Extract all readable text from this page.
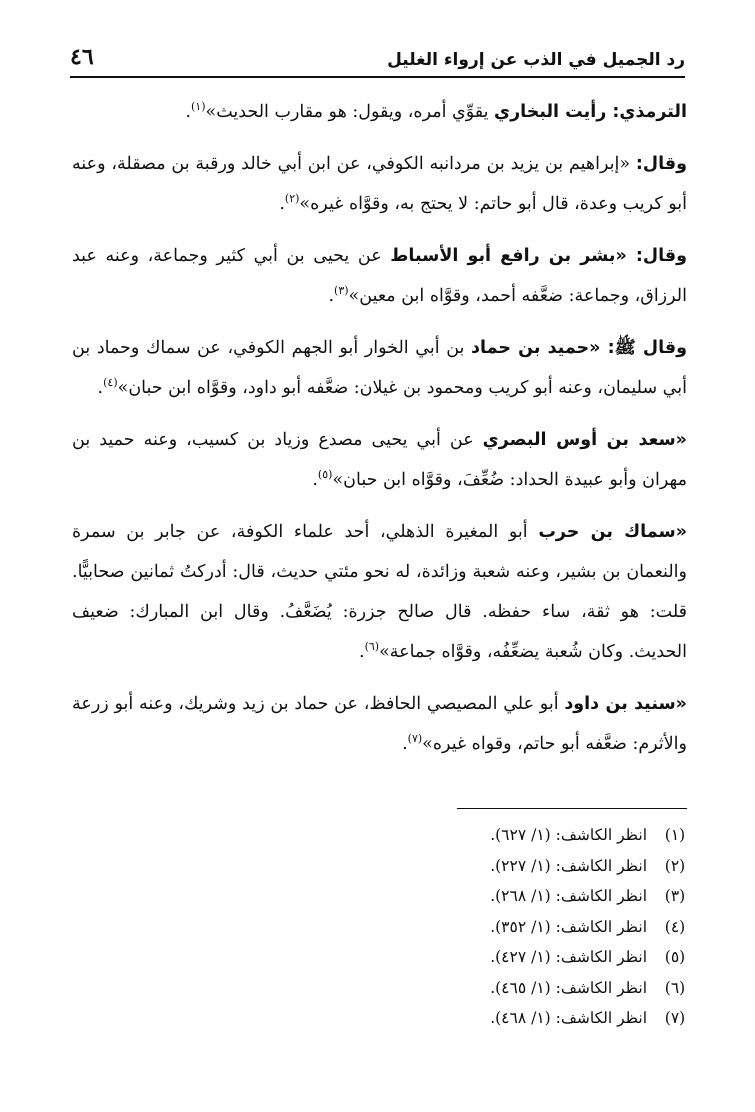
رد الجميل في الذب عن إرواء الغليل
٤٦

الترمذي: رأيت البخاري يقوِّي أمره، ويقول: هو مقارب الحديث»$^{(١)}$.

وقال: «إبراهيم بن يزيد بن مردانبه الكوفي، عن ابن أبي خالد ورقبة بن مصقلة، وعنه أبو كريب وعدة، قال أبو حاتم: لا يحتج به، وقوَّاه غيره»$^{(٢)}$.

وقال: «بشر بن رافع أبو الأسباط عن يحيى بن أبي كثير وجماعة، وعنه عبد الرزاق، وجماعة: ضعَّفه أحمد، وقوَّاه ابن معين»$^{(٣)}$.

وقال ﷺ: «حميد بن حماد بن أبي الخوار أبو الجهم الكوفي، عن سماك وحماد بن أبي سليمان، وعنه أبو كريب ومحمود بن غيلان: ضعَّفه أبو داود، وقوَّاه ابن حبان»$^{(٤)}$.

«سعد بن أوس البصري عن أبي يحيى مصدع وزياد بن كسيب، وعنه حميد بن مهران وأبو عبيدة الحداد: ضُعِّفَ، وقوَّاه ابن حبان»$^{(٥)}$.

«سماك بن حرب أبو المغيرة الذهلي، أحد علماء الكوفة، عن جابر بن سمرة والنعمان بن بشير، وعنه شعبة وزائدة، له نحو مئتي حديث، قال: أدركتُ ثمانين صحابيًّا. قلت: هو ثقة، ساء حفظه. قال صالح جزرة: يُضَعَّفُ. وقال ابن المبارك: ضعيف الحديث. وكان شُعبة يضعِّفُه، وقوَّاه جماعة»$^{(٦)}$.

«سنيد بن داود أبو علي المصيصي الحافظ، عن حماد بن زيد وشريك، وعنه أبو زرعة والأثرم: ضعَّفه أبو حاتم، وقواه غيره»$^{(٧)}$.

(١)
انظر الكاشف: (١/ ٦٢٧).
(٢)
انظر الكاشف: (١/ ٢٢٧).
(٣)
انظر الكاشف: (١/ ٢٦٨).
(٤)
انظر الكاشف: (١/ ٣٥٢).
(٥)
انظر الكاشف: (١/ ٤٢٧).
(٦)
انظر الكاشف: (١/ ٤٦٥).
(٧)
انظر الكاشف: (١/ ٤٦٨).
